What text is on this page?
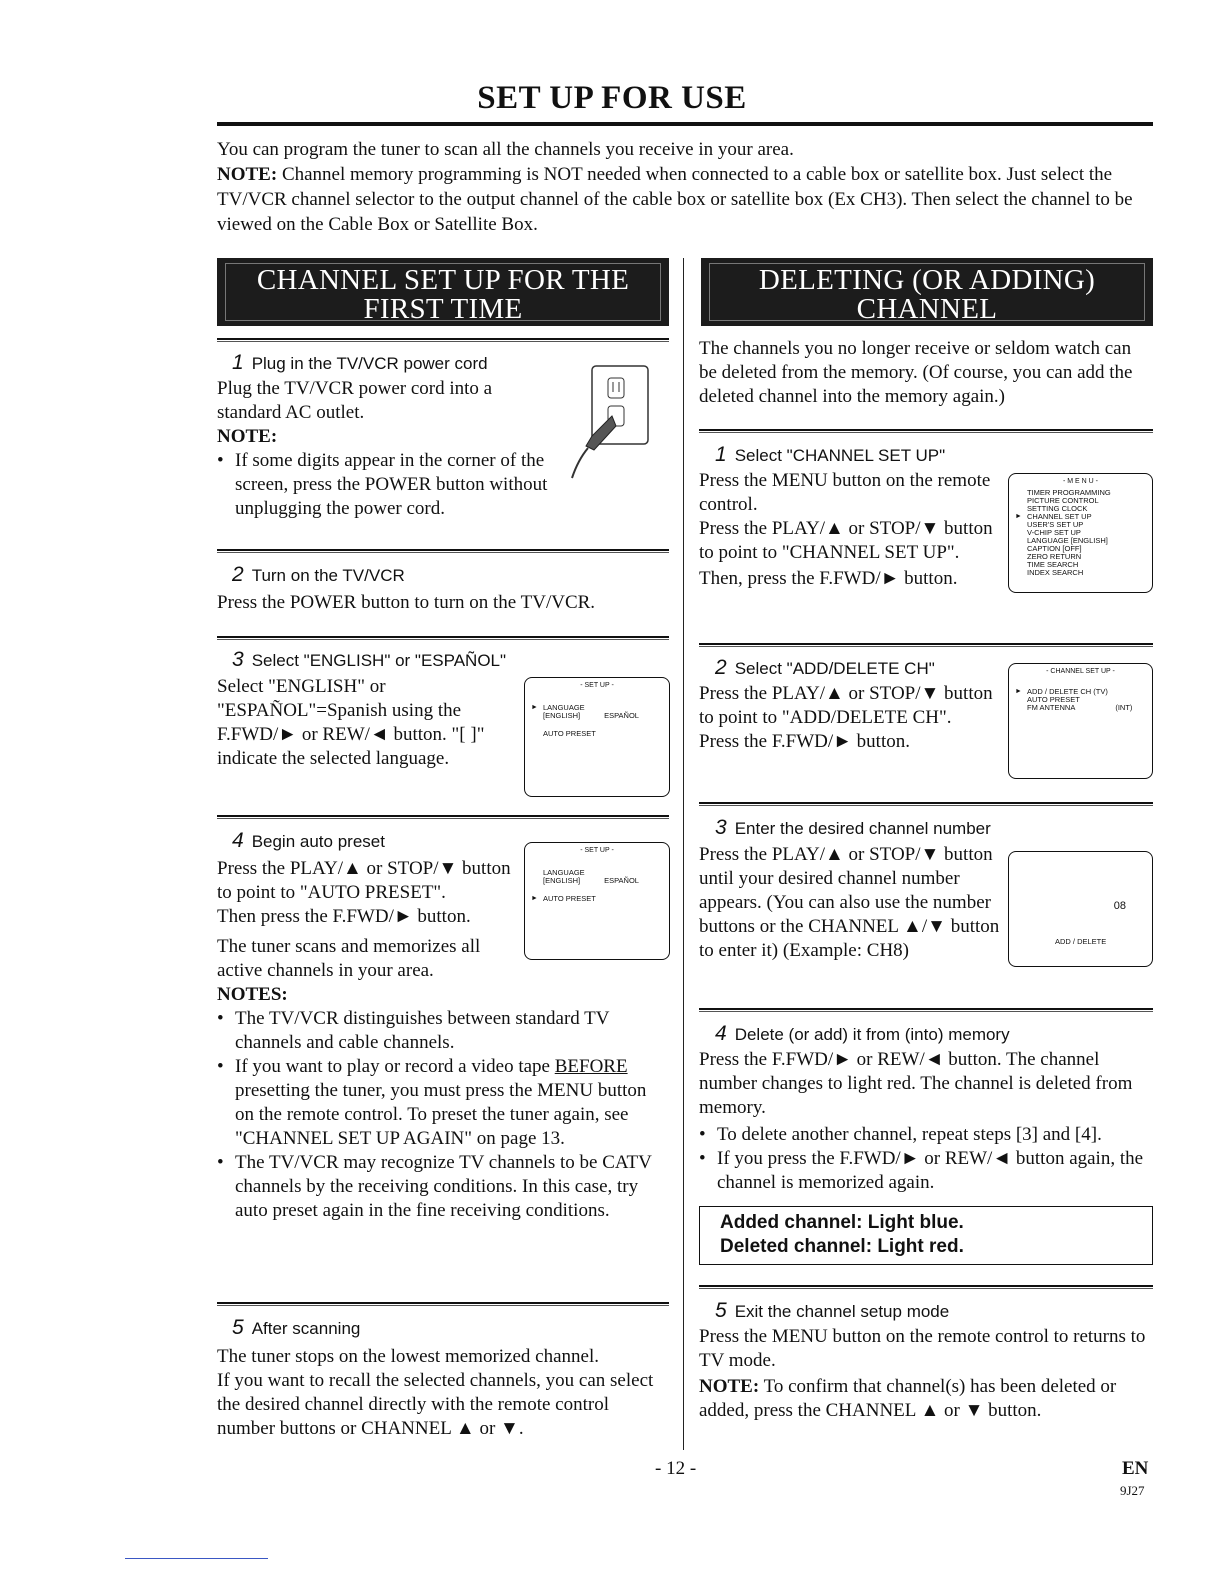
SET UP FOR USE

You can program the tuner to scan all the channels you receive in your area.

NOTE: Channel memory programming is NOT needed when connected to a cable box or satellite box. Just select the TV/VCR channel selector to the output channel of the cable box or satellite box (Ex CH3). Then select the channel to be viewed on the Cable Box or Satellite Box.

CHANNEL SET UP FOR THE
FIRST TIME
1 Plug in the TV/VCR power cord

Plug the TV/VCR power cord into a standard AC outlet.

NOTE:

• If some digits appear in the corner of the screen, press the POWER button without unplugging the power cord.
2 Turn on the TV/VCR

Press the POWER button to turn on the TV/VCR.

3 Select "ENGLISH" or "ESPAÑOL"

Select "ENGLISH" or "ESPAÑOL"=Spanish using the F.FWD/► or REW/◄ button. "[ ]" indicate the selected language.

- SET UP -
► LANGUAGE
[ENGLISH]	ESPAÑOL
AUTO PRESET
4 Begin auto preset

Press the PLAY/▲ or STOP/▼ button to point to "AUTO PRESET".

Then press the F.FWD/► button.

The tuner scans and memorizes all active channels in your area.

NOTES:

• The TV/VCR distinguishes between standard TV channels and cable channels.
• If you want to play or record a video tape BEFORE presetting the tuner, you must press the MENU button on the remote control. To preset the tuner again, see "CHANNEL SET UP AGAIN" on page 13.
• The TV/VCR may recognize TV channels to be CATV channels by the receiving conditions. In this case, try auto preset again in the fine receiving conditions.
- SET UP -
LANGUAGE
[ENGLISH]	ESPAÑOL
► AUTO PRESET
5 After scanning

The tuner stops on the lowest memorized channel.

If you want to recall the selected channels, you can select the desired channel directly with the remote control number buttons or CHANNEL ▲ or ▼.

DELETING (OR ADDING)
CHANNEL

The channels you no longer receive or seldom watch can be deleted from the memory. (Of course, you can add the deleted channel into the memory again.)

1 Select "CHANNEL SET UP"

Press the MENU button on the remote control.

Press the PLAY/▲ or STOP/▼ button to point to "CHANNEL SET UP".

Then, press the F.FWD/► button.

- M E N U -
TIMER PROGRAMMING
PICTURE CONTROL
SETTING CLOCK
► CHANNEL SET UP
USER'S SET UP
V-CHIP SET UP
LANGUAGE [ENGLISH]
CAPTION [OFF]
ZERO RETURN
TIME SEARCH
INDEX SEARCH
2 Select "ADD/DELETE CH"

Press the PLAY/▲ or STOP/▼ button to point to "ADD/DELETE CH".

Press the F.FWD/► button.

- CHANNEL SET UP -
► ADD / DELETE CH (TV)
AUTO PRESET
FM ANTENNA	(INT)
3 Enter the desired channel number

Press the PLAY/▲ or STOP/▼ button until your desired channel number appears. (You can also use the number buttons or the CHANNEL ▲/▼ button to enter it) (Example: CH8)

08
ADD / DELETE
4 Delete (or add) it from (into) memory

Press the F.FWD/► or REW/◄ button. The channel number changes to light red. The channel is deleted from memory.

• To delete another channel, repeat steps [3] and [4].
• If you press the F.FWD/► or REW/◄ button again, the channel is memorized again.
Added channel: Light blue.
Deleted channel: Light red.
5 Exit the channel setup mode

Press the MENU button on the remote control to returns to TV mode.

NOTE: To confirm that channel(s) has been deleted or added, press the CHANNEL ▲ or ▼ button.

- 12 -	EN
9J27
